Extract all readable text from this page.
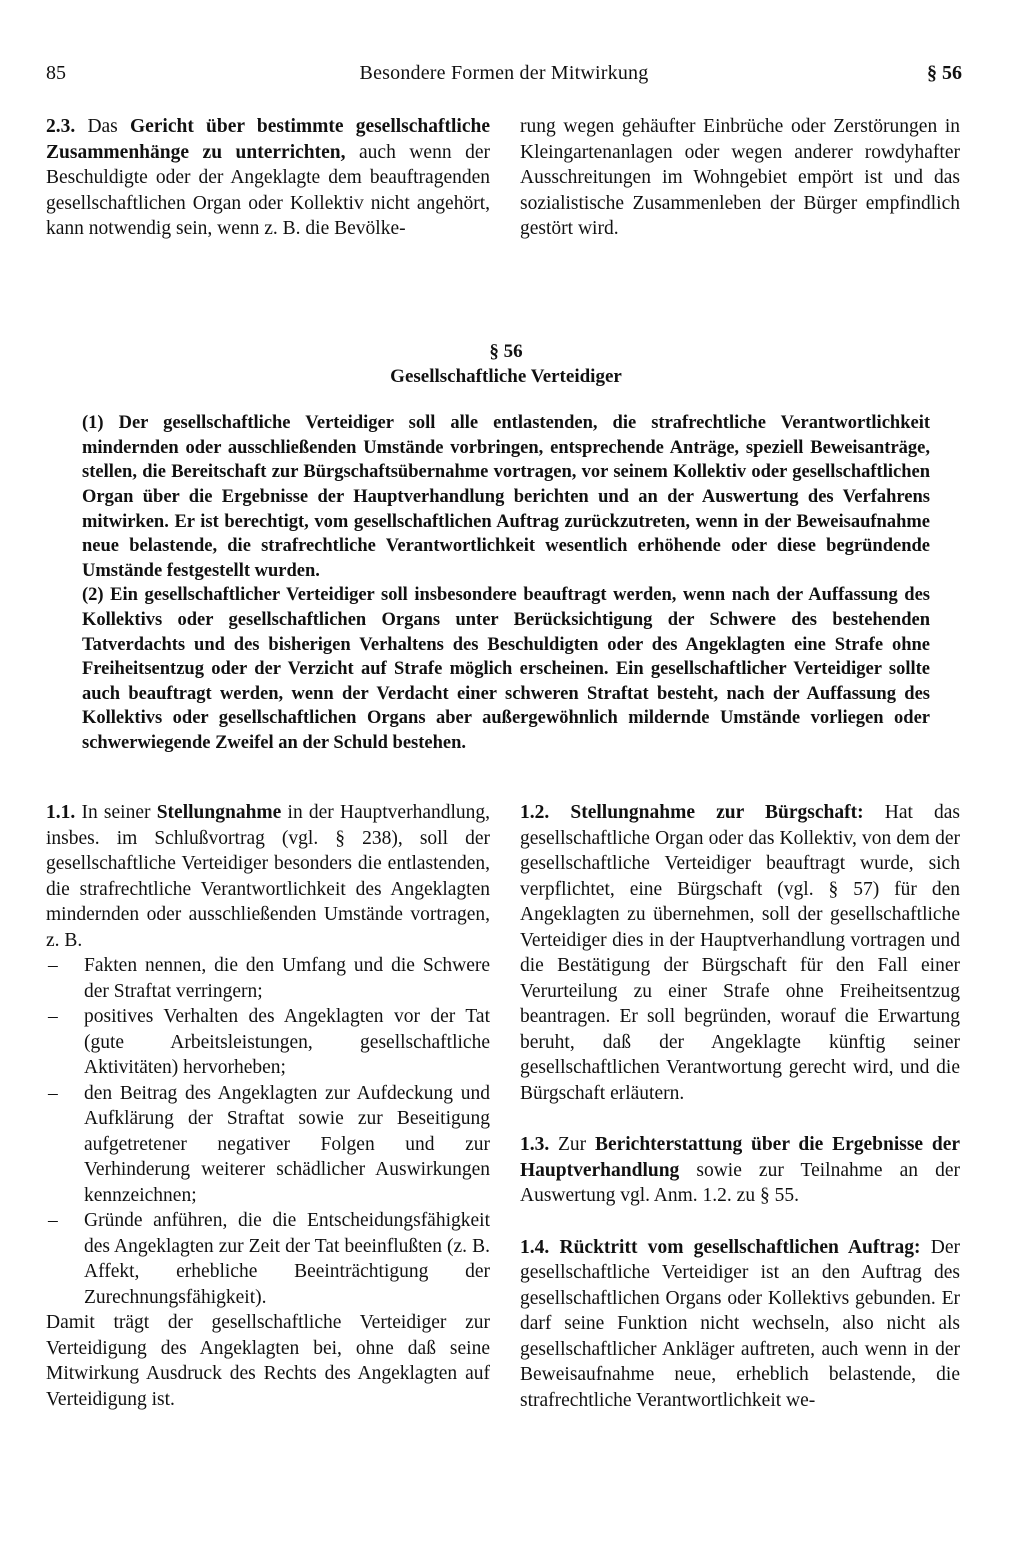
85	Besondere Formen der Mitwirkung	§ 56

2.3. Das Gericht über bestimmte gesellschaftliche Zusammenhänge zu unterrichten, auch wenn der Beschuldigte oder der Angeklagte dem beauftragenden gesellschaftlichen Organ oder Kollektiv nicht angehört, kann notwendig sein, wenn z. B. die Bevölke-

rung wegen gehäufter Einbrüche oder Zerstörungen in Kleingartenanlagen oder wegen anderer rowdyhafter Ausschreitungen im Wohngebiet empört ist und das sozialistische Zusammenleben der Bürger empfindlich gestört wird.

§ 56
Gesellschaftliche Verteidiger

(1) Der gesellschaftliche Verteidiger soll alle entlastenden, die strafrechtliche Verantwortlichkeit mindernden oder ausschließenden Umstände vorbringen, entsprechende Anträge, speziell Beweisanträge, stellen, die Bereitschaft zur Bürgschaftsübernahme vortragen, vor seinem Kollektiv oder gesellschaftlichen Organ über die Ergebnisse der Hauptverhandlung berichten und an der Auswertung des Verfahrens mitwirken. Er ist berechtigt, vom gesellschaftlichen Auftrag zurückzutreten, wenn in der Beweisaufnahme neue belastende, die strafrechtliche Verantwortlichkeit wesentlich erhöhende oder diese begründende Umstände festgestellt wurden.

(2) Ein gesellschaftlicher Verteidiger soll insbesondere beauftragt werden, wenn nach der Auffassung des Kollektivs oder gesellschaftlichen Organs unter Berücksichtigung der Schwere des bestehenden Tatverdachts und des bisherigen Verhaltens des Beschuldigten oder des Angeklagten eine Strafe ohne Freiheitsentzug oder der Verzicht auf Strafe möglich erscheinen. Ein gesellschaftlicher Verteidiger sollte auch beauftragt werden, wenn der Verdacht einer schweren Straftat besteht, nach der Auffassung des Kollektivs oder gesellschaftlichen Organs aber außergewöhnlich mildernde Umstände vorliegen oder schwerwiegende Zweifel an der Schuld bestehen.

1.1. In seiner Stellungnahme in der Hauptverhandlung, insbes. im Schlußvortrag (vgl. § 238), soll der gesellschaftliche Verteidiger besonders die entlastenden, die strafrechtliche Verantwortlichkeit des Angeklagten mindernden oder ausschließenden Umstände vortragen, z. B.

– Fakten nennen, die den Umfang und die Schwere der Straftat verringern;
– positives Verhalten des Angeklagten vor der Tat (gute Arbeitsleistungen, gesellschaftliche Aktivitäten) hervorheben;
– den Beitrag des Angeklagten zur Aufdeckung und Aufklärung der Straftat sowie zur Beseitigung aufgetretener negativer Folgen und zur Verhinderung weiterer schädlicher Auswirkungen kennzeichnen;
– Gründe anführen, die die Entscheidungsfähigkeit des Angeklagten zur Zeit der Tat beeinflußten (z. B. Affekt, erhebliche Beeinträchtigung der Zurechnungsfähigkeit).

Damit trägt der gesellschaftliche Verteidiger zur Verteidigung des Angeklagten bei, ohne daß seine Mitwirkung Ausdruck des Rechts des Angeklagten auf Verteidigung ist.

1.2. Stellungnahme zur Bürgschaft: Hat das gesellschaftliche Organ oder das Kollektiv, von dem der gesellschaftliche Verteidiger beauftragt wurde, sich verpflichtet, eine Bürgschaft (vgl. § 57) für den Angeklagten zu übernehmen, soll der gesellschaftliche Verteidiger dies in der Hauptverhandlung vortragen und die Bestätigung der Bürgschaft für den Fall einer Verurteilung zu einer Strafe ohne Freiheitsentzug beantragen. Er soll begründen, worauf die Erwartung beruht, daß der Angeklagte künftig seiner gesellschaftlichen Verantwortung gerecht wird, und die Bürgschaft erläutern.

1.3. Zur Berichterstattung über die Ergebnisse der Hauptverhandlung sowie zur Teilnahme an der Auswertung vgl. Anm. 1.2. zu § 55.

1.4. Rücktritt vom gesellschaftlichen Auftrag: Der gesellschaftliche Verteidiger ist an den Auftrag des gesellschaftlichen Organs oder Kollektivs gebunden. Er darf seine Funktion nicht wechseln, also nicht als gesellschaftlicher Ankläger auftreten, auch wenn in der Beweisaufnahme neue, erheblich belastende, die strafrechtliche Verantwortlichkeit we-
